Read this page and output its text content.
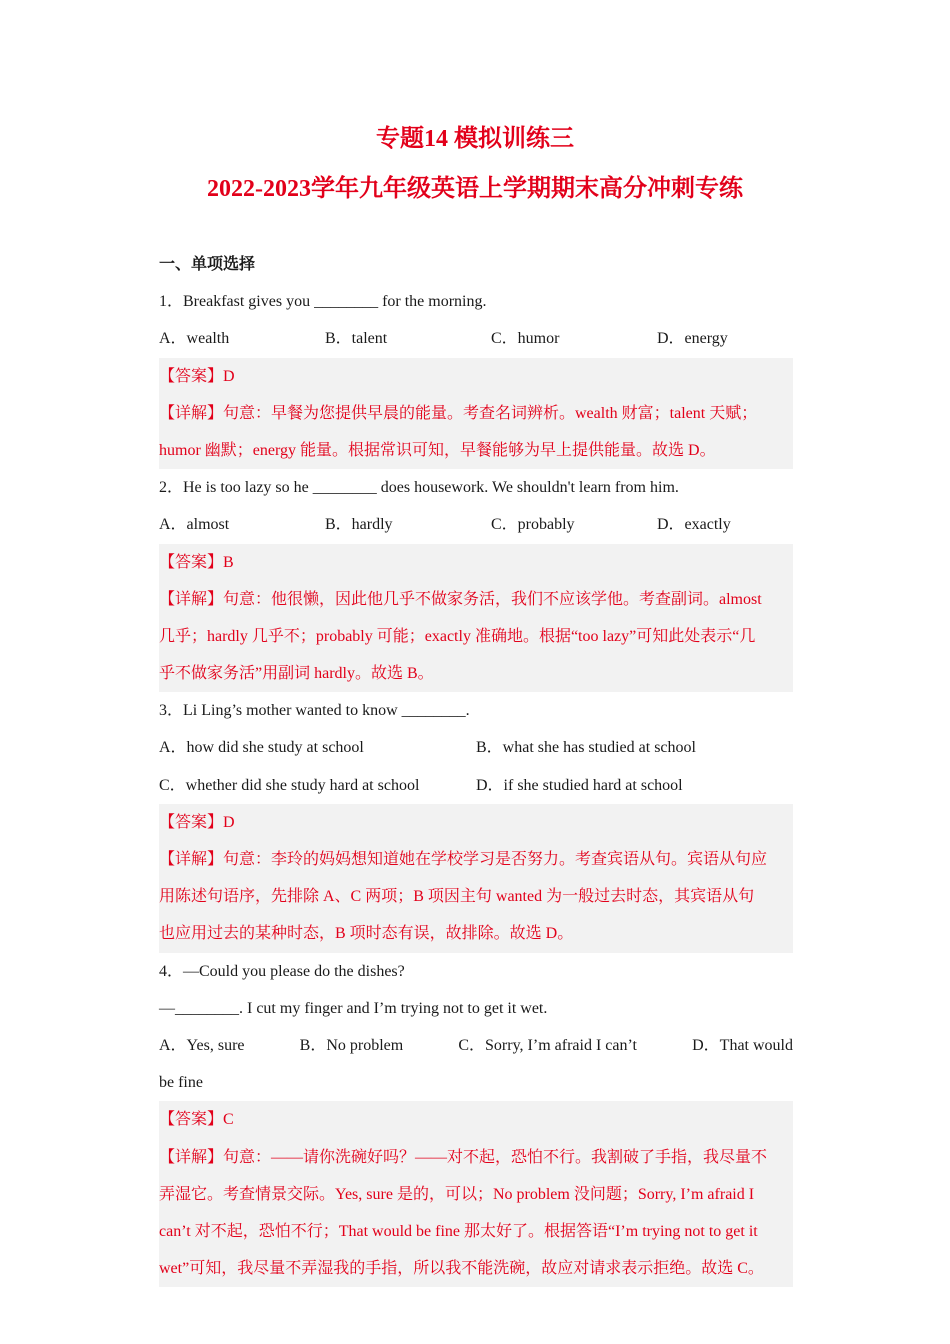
专题14 模拟训练三
2022-2023学年九年级英语上学期期末高分冲刺专练
一、单项选择
1．Breakfast gives you ________ for the morning.
A．wealth	B．talent	C．humor	D．energy
【答案】D
【详解】句意：早餐为您提供早晨的能量。考查名词辨析。wealth 财富；talent 天赋；
humor 幽默；energy 能量。根据常识可知，早餐能够为早上提供能量。故选 D。
2．He is too lazy so he ________ does housework. We shouldn't learn from him.
A．almost	B．hardly	C．probably	D．exactly
【答案】B
【详解】句意：他很懒，因此他几乎不做家务活，我们不应该学他。考查副词。almost
几乎；hardly 几乎不；probably 可能；exactly 准确地。根据“too lazy”可知此处表示“几
乎不做家务活”用副词 hardly。故选 B。
3．Li Ling’s mother wanted to know ________.
A．how did she study at school	B．what she has studied at school
C．whether did she study hard at school	D．if she studied hard at school
【答案】D
【详解】句意：李玲的妈妈想知道她在学校学习是否努力。考查宾语从句。宾语从句应
用陈述句语序，先排除 A、C 两项；B 项因主句 wanted 为一般过去时态，其宾语从句
也应用过去的某种时态，B 项时态有误，故排除。故选 D。
4．—Could you please do the dishes?
—________. I cut my finger and I’m trying not to get it wet.
A．Yes, sure	B．No problem	C．Sorry, I’m afraid I can’t	D．That would
be fine
【答案】C
【详解】句意：——请你洗碗好吗？——对不起，恐怕不行。我割破了手指，我尽量不
弄湿它。考查情景交际。Yes, sure 是的，可以；No problem 没问题；Sorry, I’m afraid I
can’t 对不起，恐怕不行；That would be fine 那太好了。根据答语“I’m trying not to get it
wet”可知，我尽量不弄湿我的手指，所以我不能洗碗，故应对请求表示拒绝。故选 C。
